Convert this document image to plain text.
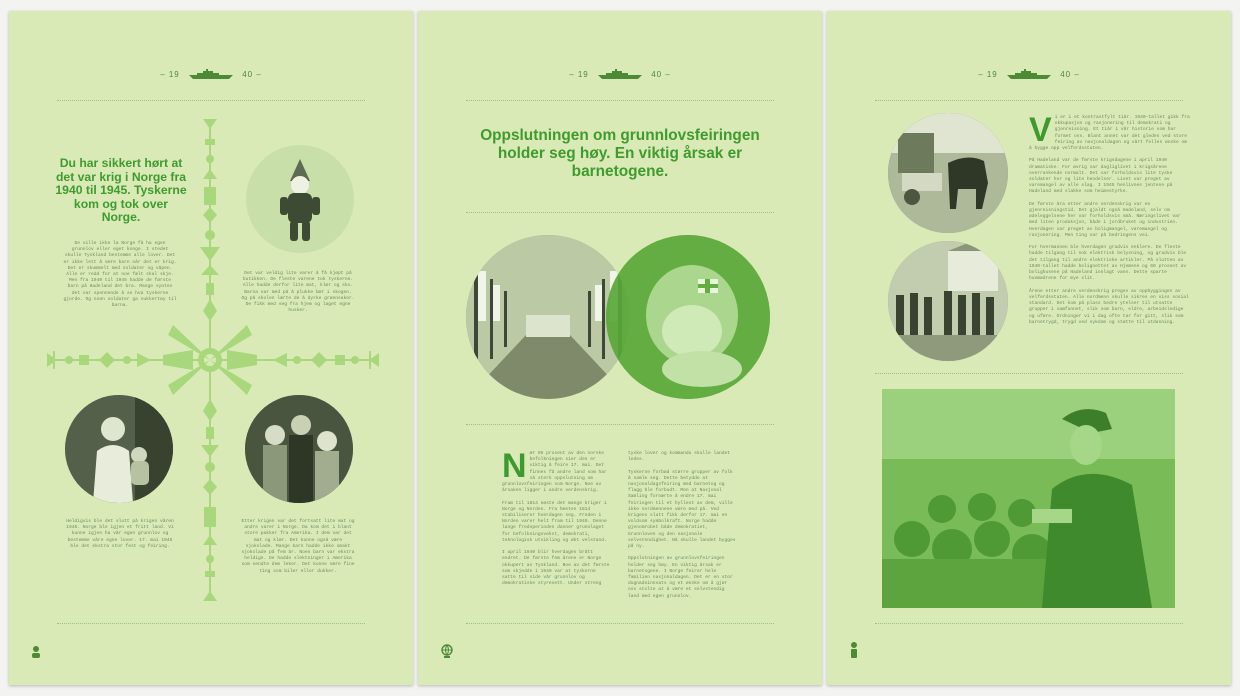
– 19	40 –
Du har sikkert hørt at det var krig i Norge fra 1940 til 1945. Tyskerne kom og tok over Norge.
De ville ikke la Norge få ha egen grunnlov eller eget konge. I stedet skulle Tyskland bestemme alle lover. Det er ikke lett å være barn når det er krig. Det er skummelt med soldater og våpen. Alle er redd for at noe fælt skal skje. Men fra 1940 til 1945 hadde de første barn på Hadeland det bra. Mange syntes det var spennende å se hva tyskerne gjorde. Og noen soldater ga sukkertøy til barna.
Det var veldig lite varer å få kjøpt på butikken. De fleste varene tok tyskerne. Alle hadde derfor lite mat, klær og sko. Barna var med på å plukke bær i skogen. Og på skolen lærte de å dyrke grønnsaker. De fikk med seg fra hjem og laget egne husker.
Heldigvis ble det slutt på krigen våren 1945. Norge ble igjen et fritt land. Vi kunne igjen ha vår egen grunnlov og bestemme våre egne lover. 17. mai 1945 ble det ekstra stor fest og feiring.
Etter krigen var det fortsatt lite mat og andre varer i Norge. Da kom det i blant store pakker fra Amerika. I dem var det mat og klær. Det kunne også være sjokolade. Mange barn hadde ikke smakt sjokolade på fem år. Noen barn var ekstra heldige. De hadde slektninger i Amerika som sendte dem leker. Det kunne være fine ting som biler eller dukker.
– 19	40 –
Oppslutningen om grunnlovsfeiringen holder seg høy. En viktig årsak er barnetogene.
N ær 95 prosent av den norske befolkningen sier den er viktig å feire 17. mai. Det finnes få andre land som har så sterk oppslutning om grunnlovsfeiringen som Norge. Noe av årsaken ligger i andre verdenskrig.

Fram til 1814 nøste det mange kriger i Norge og Norden. Fra hæsten 1814 stabiliserer hverdagen seg. Freden i Norden varer helt fram til 1940. Denne lange fredsperioden danner grunnlaget for befolkningsvekst, demokrati, teknologisk utvikling og økt velstand.

I april 1940 blir hverdagen brått endret. De første fem årene er Norge okkupert av Tyskland. Noe av det første som skjedde i 1940 var at tyskerne satte til side vår grunnlov og demokratiske styresett. Under streng
tyske lover og kommandu skulle landet ledes.

Tyskerne forbød større grupper av folk å samle seg. Dette betydde at nasjonaldagsfeiring med barnetog og flagg ble forbudt. Men at Nasjonal Samling fornærte å endre 17. mai feiringen til et hyllest av dem, ville ikke nordmennene være med på. Ved krigens slutt fikk derfor 17. mai en voldsom symbolkraft. Norge hadde gjenomrobet både demokratiet, Grunnloven og den nasjonale selvstendighet. Nå skulle landet bygges på ny.

Oppslutningen av grunnlovsfeiringen holder seg høy. En viktig årsak er barnetogene. I Norge feirer hele familien nasjonaldagen. Det er en stor dugnadsinnsats og et ønske om å gjør oss stolte at å være et selvstendig land med egen grunnlov.
– 19	40 –
V i er i et kontrastfylt tiår. 1940-tallet gikk fra okkupasjon og rasjonering til demokrati og gjenreisning. Et tiår i vår historie som har formet oss. Blant annet var det gleden ved store feiring av nasjonaldagen og vårt felles ønske om å bygge opp velferdsstaten.

På Hadeland var de første krigsdagene i april 1940 dramatiske. For øvrig var dagliglivet i krigsårene overraskende normalt. Det var forholdsvis lite tyske soldater her og lite hendelser. Livet var preget av varemangel av alle slag. I 1945 henlivnes jentene på Hadeland med slakke som heimestyrke.

De første åra etter andre verdenskrig var en gjenreisningstid. Det gjaldt også Hadeland, selv om ødeleggelsene her var forholdsvis små. Næringslivet var med liten produksjon, både i jordbruket og industrien. Hverdagen var preget av boligmangel, varemangel og rasjonering. Men ting var på bedringens vei.

For hvermannen ble hverdagen gradvis enklere. De fleste hadde tilgang til nok elektrisk belysning, og gradvis ble det tilgang til andre elektriske artikler. På slutten av 1940-tallet hadde bolignettet av Hjemene og 60 prosent av bolighusene på Hadeland innlagt vann. Dette sparte husmødrene for mye slit.

Årene etter andre verdenskrig preges av oppbyggingen av velferdsstaten. Alle nordmenn skulle sikres en viss sosial standard. Det kom på plass bedre ytelser til utsatte grupper i samfunnet, slik som barn, eldre, arbeidsledige og uføre. Ordninger vi i dag ofte tar for gitt, slik som barnetrygd, trygd ved sykdom og støtte til utdanning.
